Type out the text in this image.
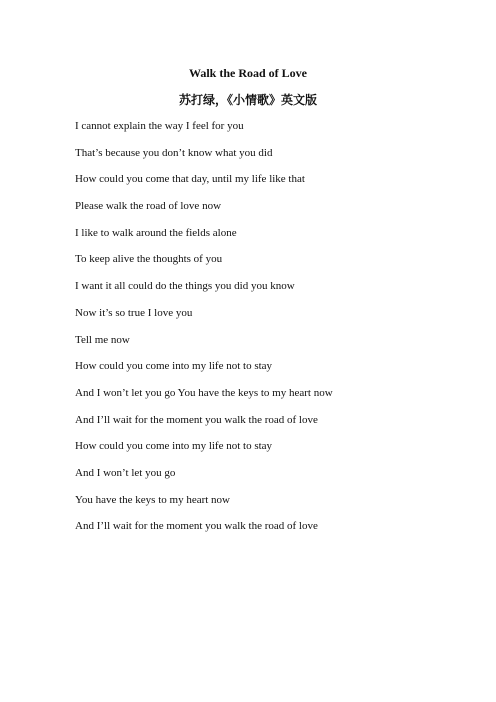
Walk the Road of Love
苏打绿，《小情歌》英文版
I cannot explain the way I feel for you
That’s because you don’t know what you did
How could you come that day, until my life like that
Please walk the road of love now
I like to walk around the fields alone
To keep alive the thoughts of you
I want it all could do the things you did you know
Now it’s so true I love you
Tell me now
How could you come into my life not to stay
And I won’t let you go You have the keys to my heart now
And I’ll wait for the moment you walk the road of love
How could you come into my life not to stay
And I won’t let you go
You have the keys to my heart now
And I’ll wait for the moment you walk the road of love
